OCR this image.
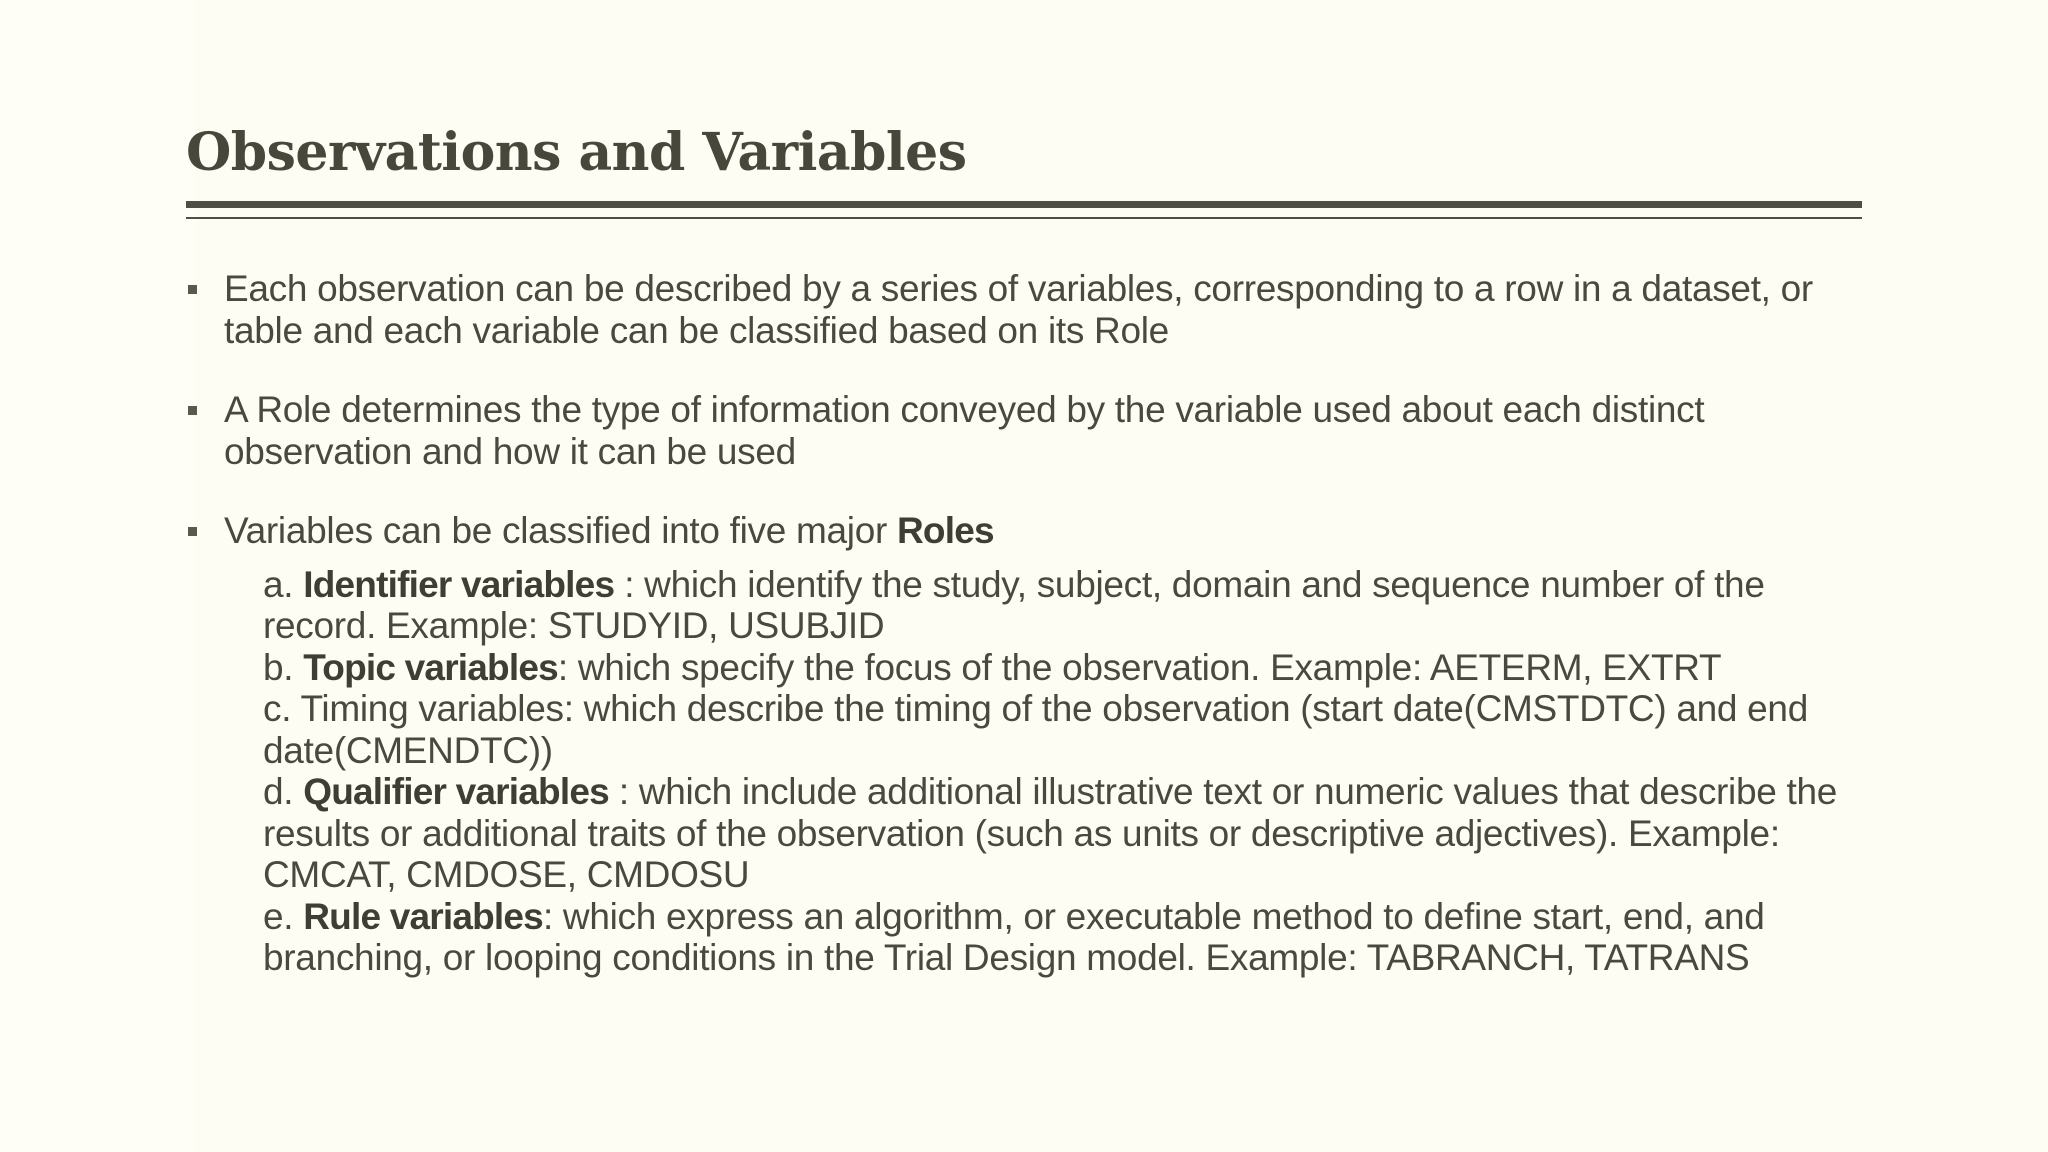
Observations and Variables
Each observation can be described by a series of variables, corresponding to a row in a dataset, or table and each variable can be classified based on its Role
A Role determines the type of information conveyed by the variable used about each distinct observation and how it can be used
Variables can be classified into five major Roles
a. Identifier variables : which identify the study, subject, domain and sequence number of the record. Example: STUDYID, USUBJID
b. Topic variables: which specify the focus of the observation. Example: AETERM, EXTRT
c. Timing variables: which describe the timing of the observation (start date(CMSTDTC) and end date(CMENDTC))
d. Qualifier variables : which include additional illustrative text or numeric values that describe the results or additional traits of the observation (such as units or descriptive adjectives). Example: CMCAT, CMDOSE, CMDOSU
e. Rule variables: which express an algorithm, or executable method to define start, end, and branching, or looping conditions in the Trial Design model. Example: TABRANCH, TATRANS
